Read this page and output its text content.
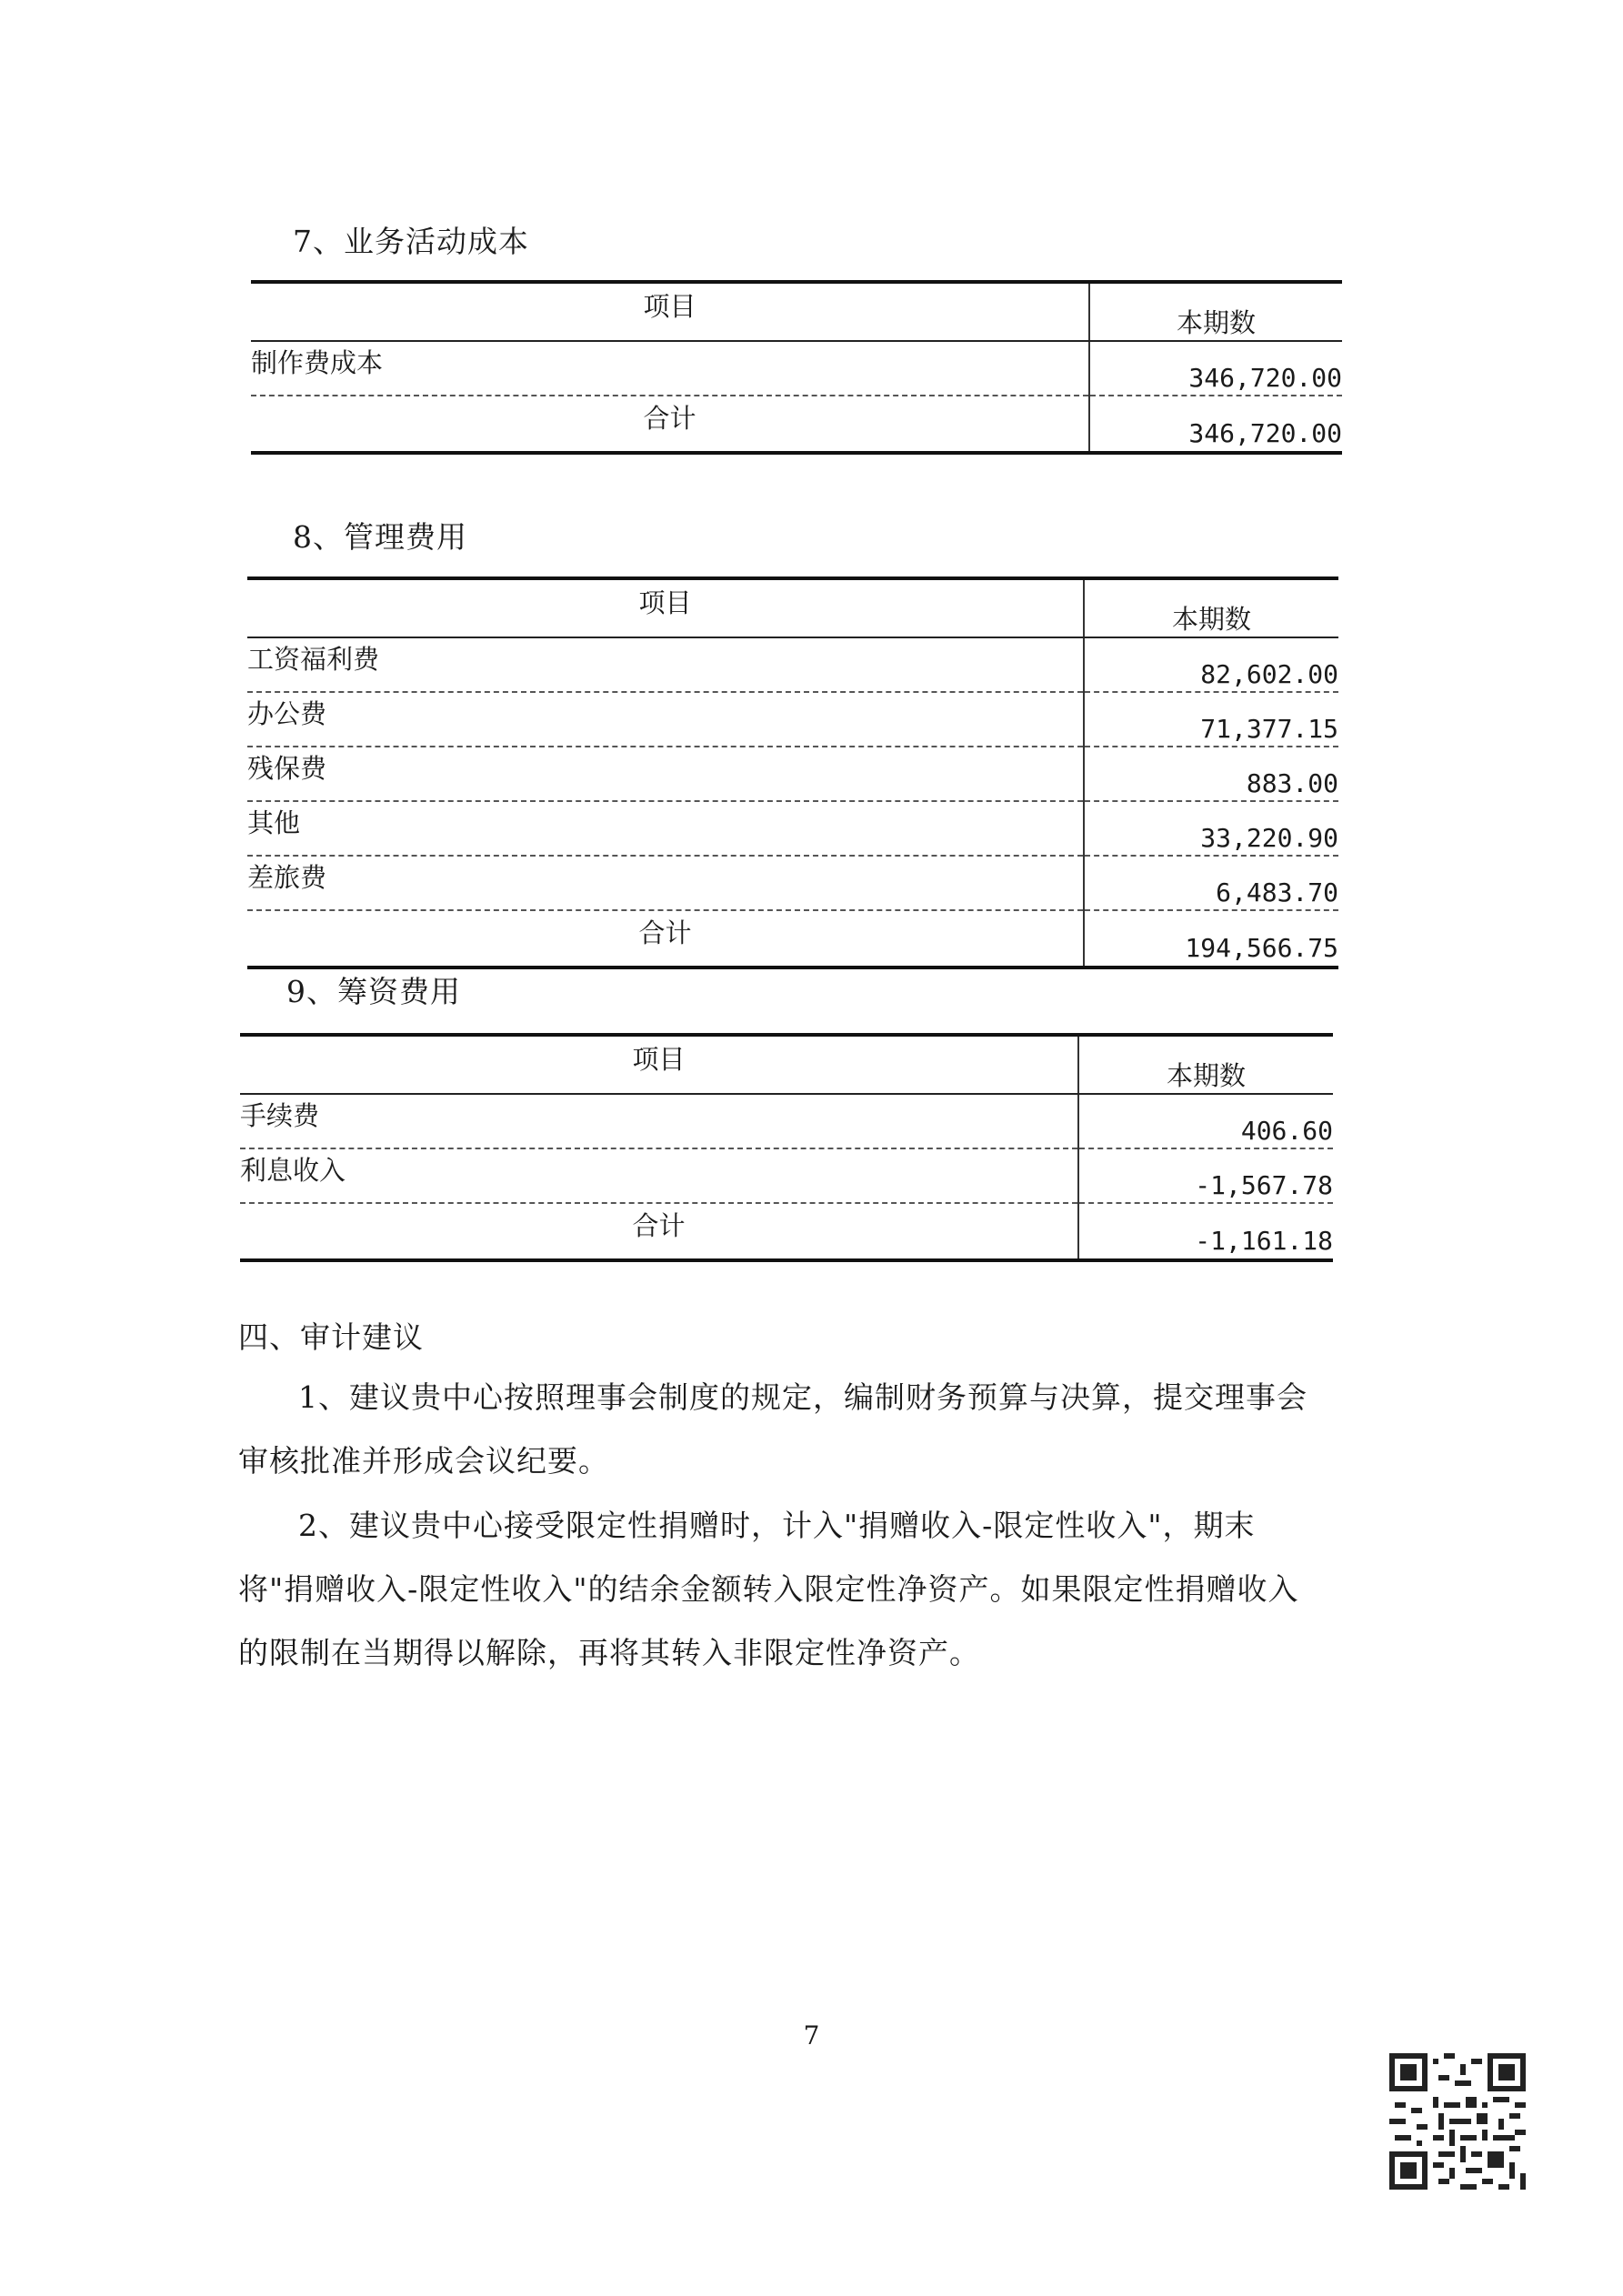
7、业务活动成本
项目	本期数
制作费成本	346,720.00
合计	346,720.00
8、管理费用
项目	本期数
工资福利费	82,602.00
办公费	71,377.15
残保费	883.00
其他	33,220.90
差旅费	6,483.70
合计	194,566.75
9、筹资费用
项目	本期数
手续费	406.60
利息收入	-1,567.78
合计	-1,161.18
四、审计建议

1、建议贵中心按照理事会制度的规定，编制财务预算与决算，提交理事会审核批准并形成会议纪要。

2、建议贵中心接受限定性捐赠时，计入"捐赠收入-限定性收入"，期末将"捐赠收入-限定性收入"的结余金额转入限定性净资产。如果限定性捐赠收入的限制在当期得以解除，再将其转入非限定性净资产。

7
